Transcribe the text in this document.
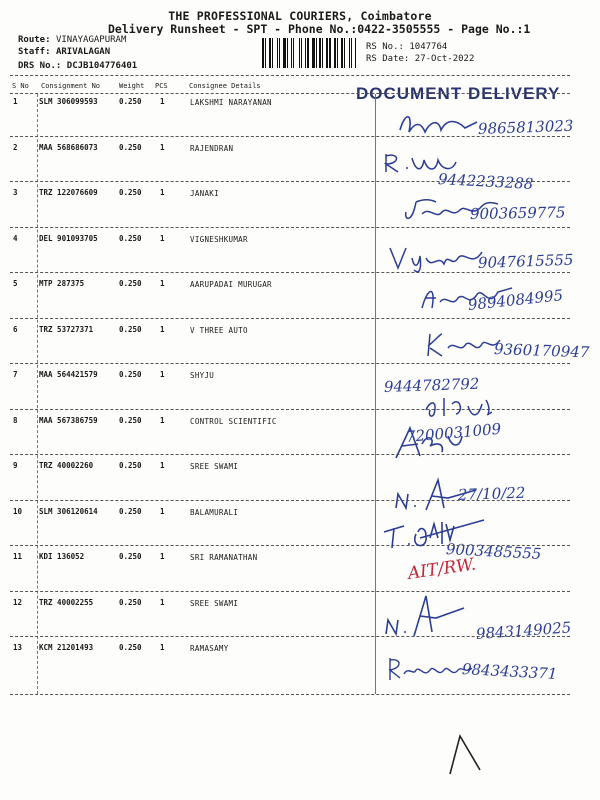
THE PROFESSIONAL COURIERS, Coimbatore
Delivery Runsheet - SPT - Phone No.:0422-3505555 - Page No.:1
Route: VINAYAGAPURAM
Staff: ARIVALAGAN
DRS No.: DCJB104776401
RS No.: 1047764
RS Date: 27-Oct-2022
S No Consignment No	Weight PCS	Consignee Details	DOCUMENT DELIVERY
1	SLM 306099593	0.250 1	LAKSHMI NARAYANAN
9865813023
2	MAA 568686073	0.250 1	RAJENDRAN
9442233288
3	TRZ 122076609	0.250 1	JANAKI
9003659775
4	DEL 901093705	0.250 1	VIGNESHKUMAR
9047615555
5	MTP 287375	0.250 1	AARUPADAI MURUGAR
9894084995
6	TRZ 53727371	0.250 1	V THREE AUTO
9360170947
7	MAA 564421579	0.250 1	SHYJU	9444782792
8	MAA 567386759	0.250 1	CONTROL SCIENTIFIC	7200031009
9	TRZ 40002260	0.250 1	SREE SWAMI
27/10/22
10 SLM 306120614	0.250 1	BALAMURALI
9003485555
11 KDI 136052	0.250 1	SRI RAMANATHAN	AIT/RW.
12 TRZ 40002255	0.250 1	SREE SWAMI
9843149025
13 KCM 21201493	0.250 1	RAMASAMY
9843433371
